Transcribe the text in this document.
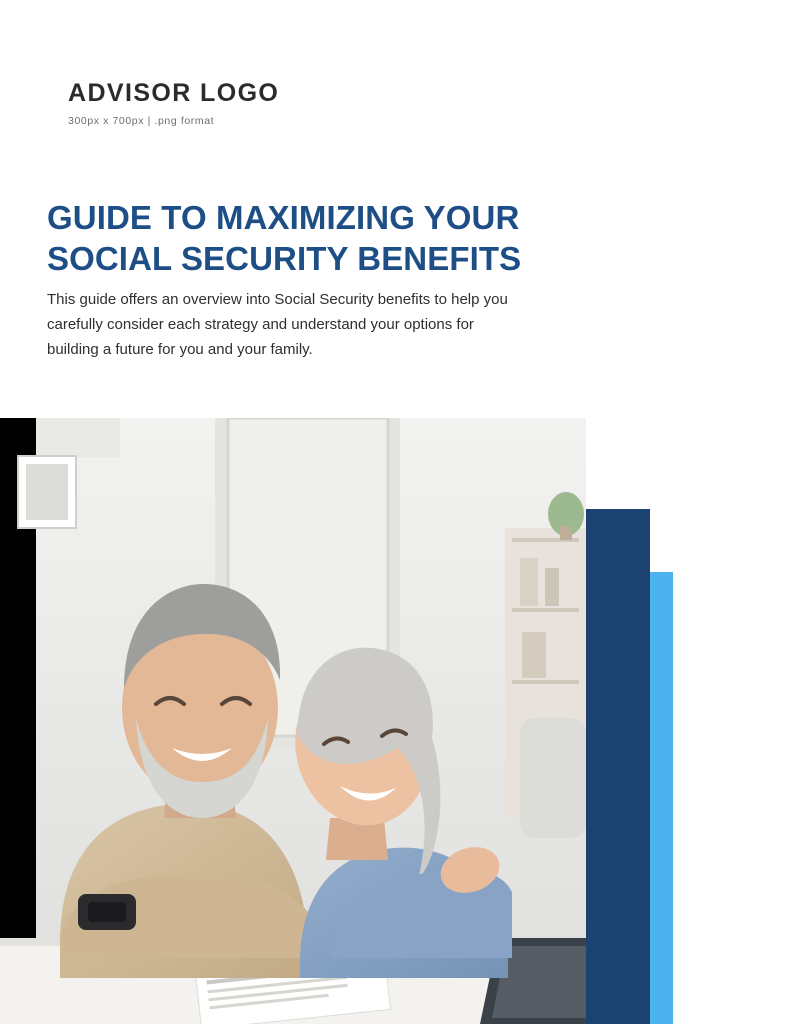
ADVISOR LOGO
300px x 700px | .png format
GUIDE TO MAXIMIZING YOUR
SOCIAL SECURITY BENEFITS

This guide offers an overview into Social Security benefits to help you carefully consider each strategy and understand your options for building a future for you and your family.
